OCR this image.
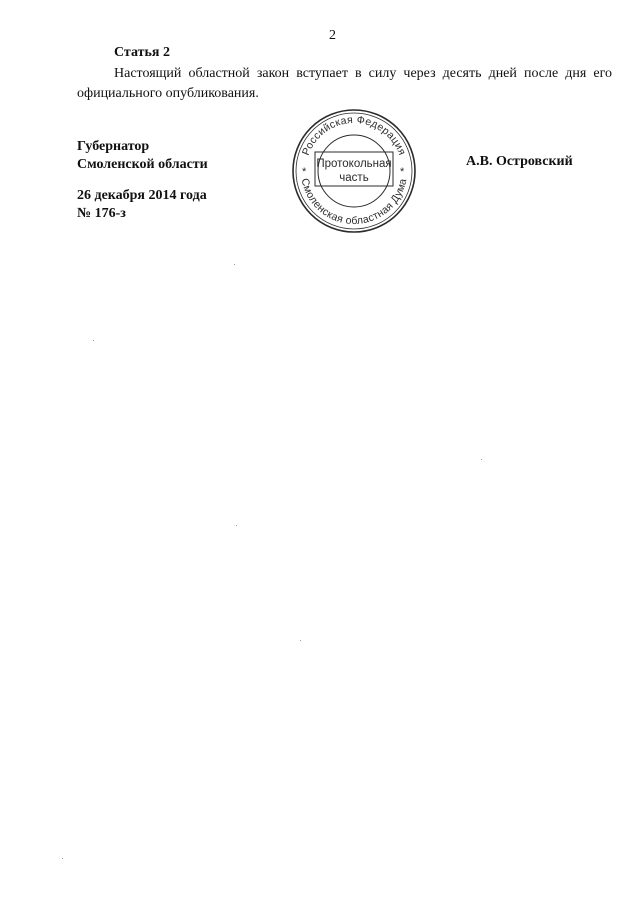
2
Статья 2
Настоящий областной закон вступает в силу через десять дней после дня его официального опубликования.
Губернатор
Смоленской области
26 декабря 2014 года
№ 176-з
А.В. Островский
Российская Федерация
Смоленская областная Дума
*	*
Протокольная
часть
